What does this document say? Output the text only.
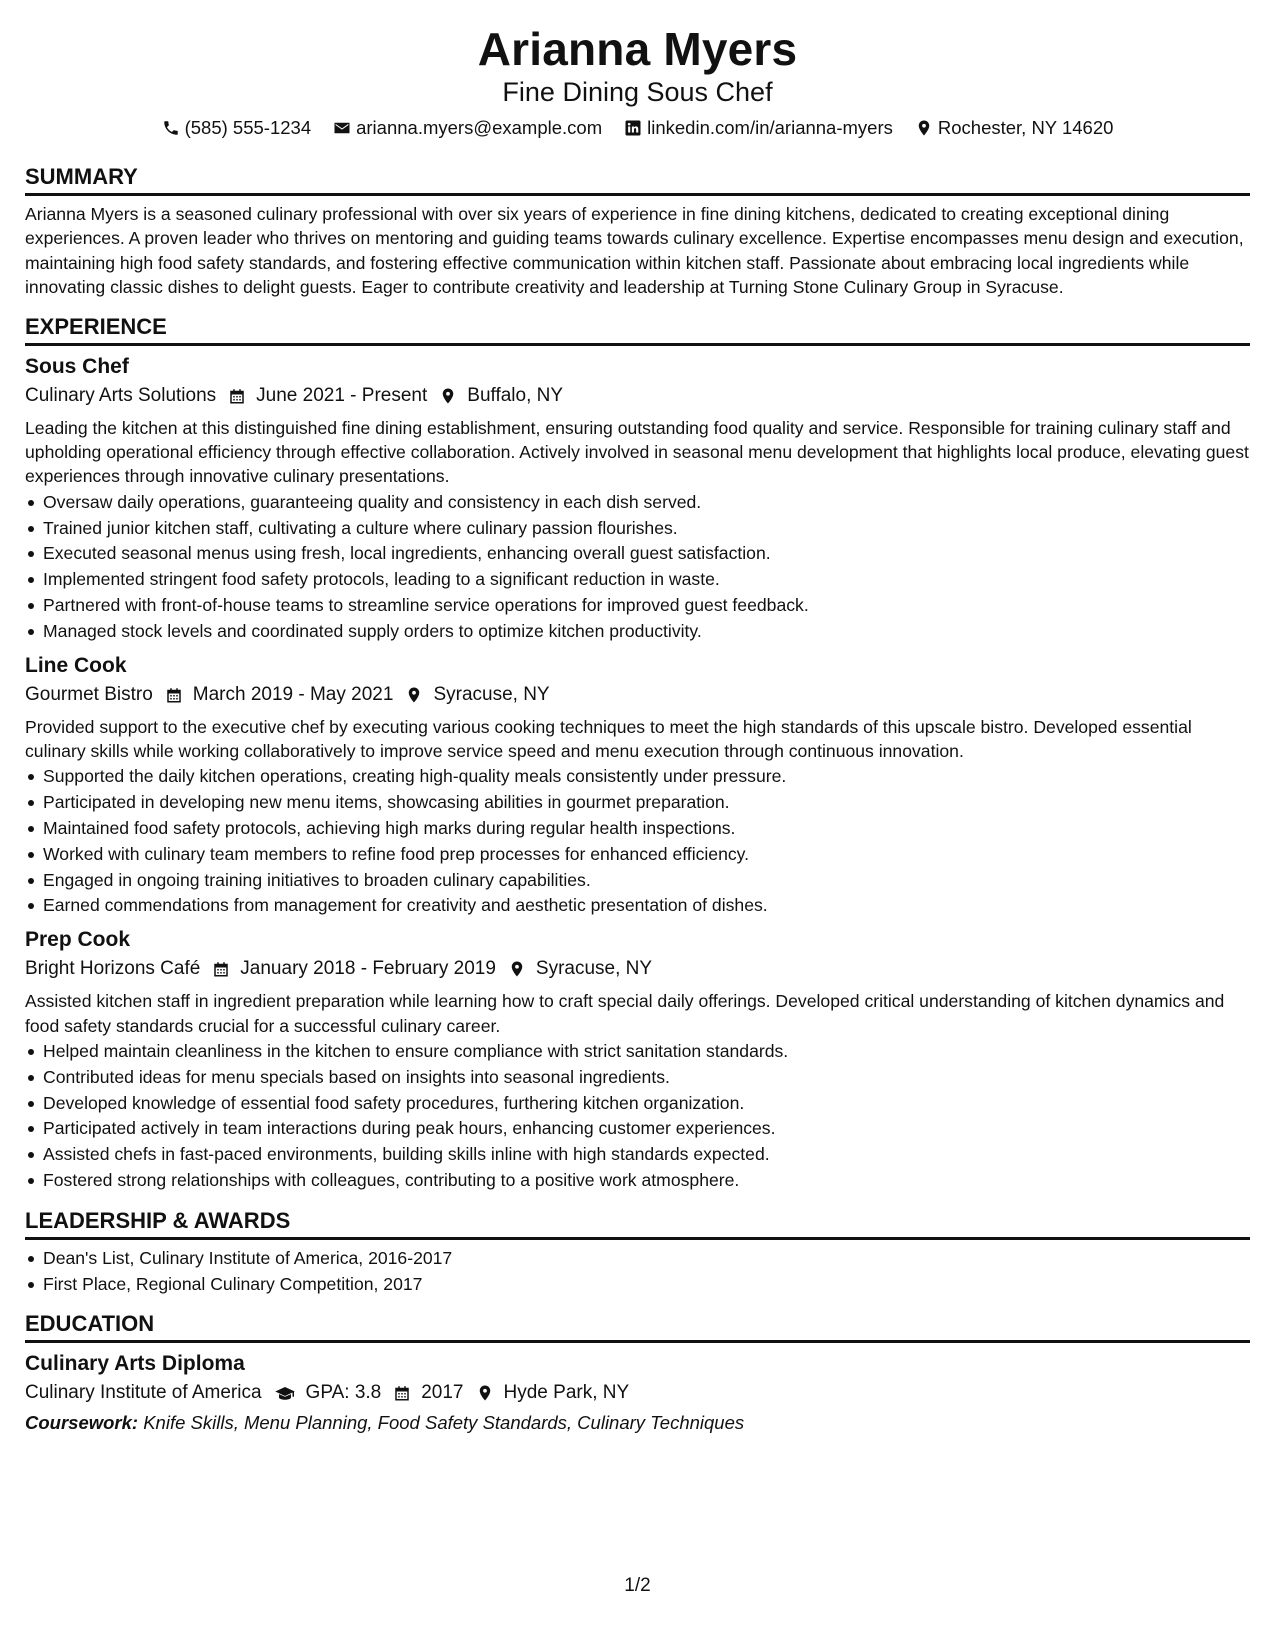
Arianna Myers
Fine Dining Sous Chef
(585) 555-1234 arianna.myers@example.com linkedin.com/in/arianna-myers Rochester, NY 14620
SUMMARY

Arianna Myers is a seasoned culinary professional with over six years of experience in fine dining kitchens, dedicated to creating exceptional dining experiences. A proven leader who thrives on mentoring and guiding teams towards culinary excellence. Expertise encompasses menu design and execution, maintaining high food safety standards, and fostering effective communication within kitchen staff. Passionate about embracing local ingredients while innovating classic dishes to delight guests. Eager to contribute creativity and leadership at Turning Stone Culinary Group in Syracuse.

EXPERIENCE
Sous Chef
Culinary Arts Solutions June 2021 - Present Buffalo, NY

Leading the kitchen at this distinguished fine dining establishment, ensuring outstanding food quality and service. Responsible for training culinary staff and upholding operational efficiency through effective collaboration. Actively involved in seasonal menu development that highlights local produce, elevating guest experiences through innovative culinary presentations.

Oversaw daily operations, guaranteeing quality and consistency in each dish served.
Trained junior kitchen staff, cultivating a culture where culinary passion flourishes.
Executed seasonal menus using fresh, local ingredients, enhancing overall guest satisfaction.
Implemented stringent food safety protocols, leading to a significant reduction in waste.
Partnered with front-of-house teams to streamline service operations for improved guest feedback.
Managed stock levels and coordinated supply orders to optimize kitchen productivity.
Line Cook
Gourmet Bistro March 2019 - May 2021 Syracuse, NY

Provided support to the executive chef by executing various cooking techniques to meet the high standards of this upscale bistro. Developed essential culinary skills while working collaboratively to improve service speed and menu execution through continuous innovation.

Supported the daily kitchen operations, creating high-quality meals consistently under pressure.
Participated in developing new menu items, showcasing abilities in gourmet preparation.
Maintained food safety protocols, achieving high marks during regular health inspections.
Worked with culinary team members to refine food prep processes for enhanced efficiency.
Engaged in ongoing training initiatives to broaden culinary capabilities.
Earned commendations from management for creativity and aesthetic presentation of dishes.
Prep Cook
Bright Horizons Café January 2018 - February 2019 Syracuse, NY

Assisted kitchen staff in ingredient preparation while learning how to craft special daily offerings. Developed critical understanding of kitchen dynamics and food safety standards crucial for a successful culinary career.

Helped maintain cleanliness in the kitchen to ensure compliance with strict sanitation standards.
Contributed ideas for menu specials based on insights into seasonal ingredients.
Developed knowledge of essential food safety procedures, furthering kitchen organization.
Participated actively in team interactions during peak hours, enhancing customer experiences.
Assisted chefs in fast-paced environments, building skills inline with high standards expected.
Fostered strong relationships with colleagues, contributing to a positive work atmosphere.
LEADERSHIP & AWARDS
Dean's List, Culinary Institute of America, 2016-2017
First Place, Regional Culinary Competition, 2017
EDUCATION
Culinary Arts Diploma
Culinary Institute of America GPA: 3.8 2017 Hyde Park, NY
Coursework: Knife Skills, Menu Planning, Food Safety Standards, Culinary Techniques
1/2
